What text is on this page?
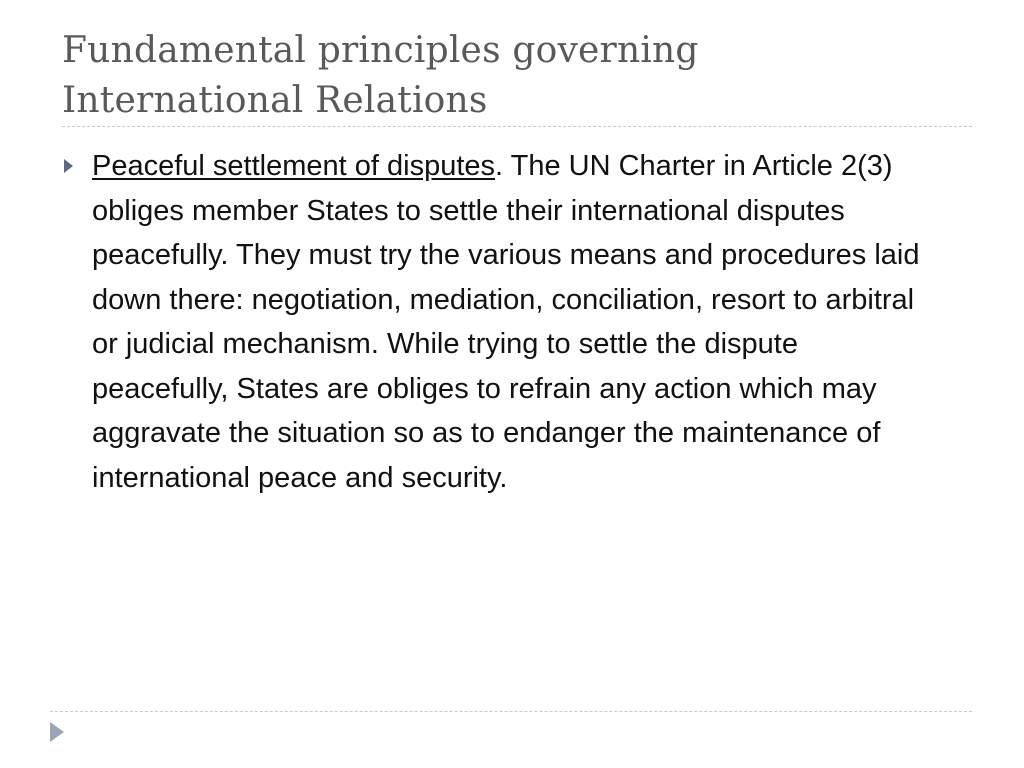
Fundamental principles governing
International Relations
Peaceful settlement of disputes. The UN Charter in Article 2(3) obliges member States to settle their international disputes peacefully. They must try the various means and procedures laid down there: negotiation, mediation, conciliation, resort to arbitral or judicial mechanism. While trying to settle the dispute peacefully, States are obliges to refrain any action which may aggravate the situation so as to endanger the maintenance of international peace and security.
